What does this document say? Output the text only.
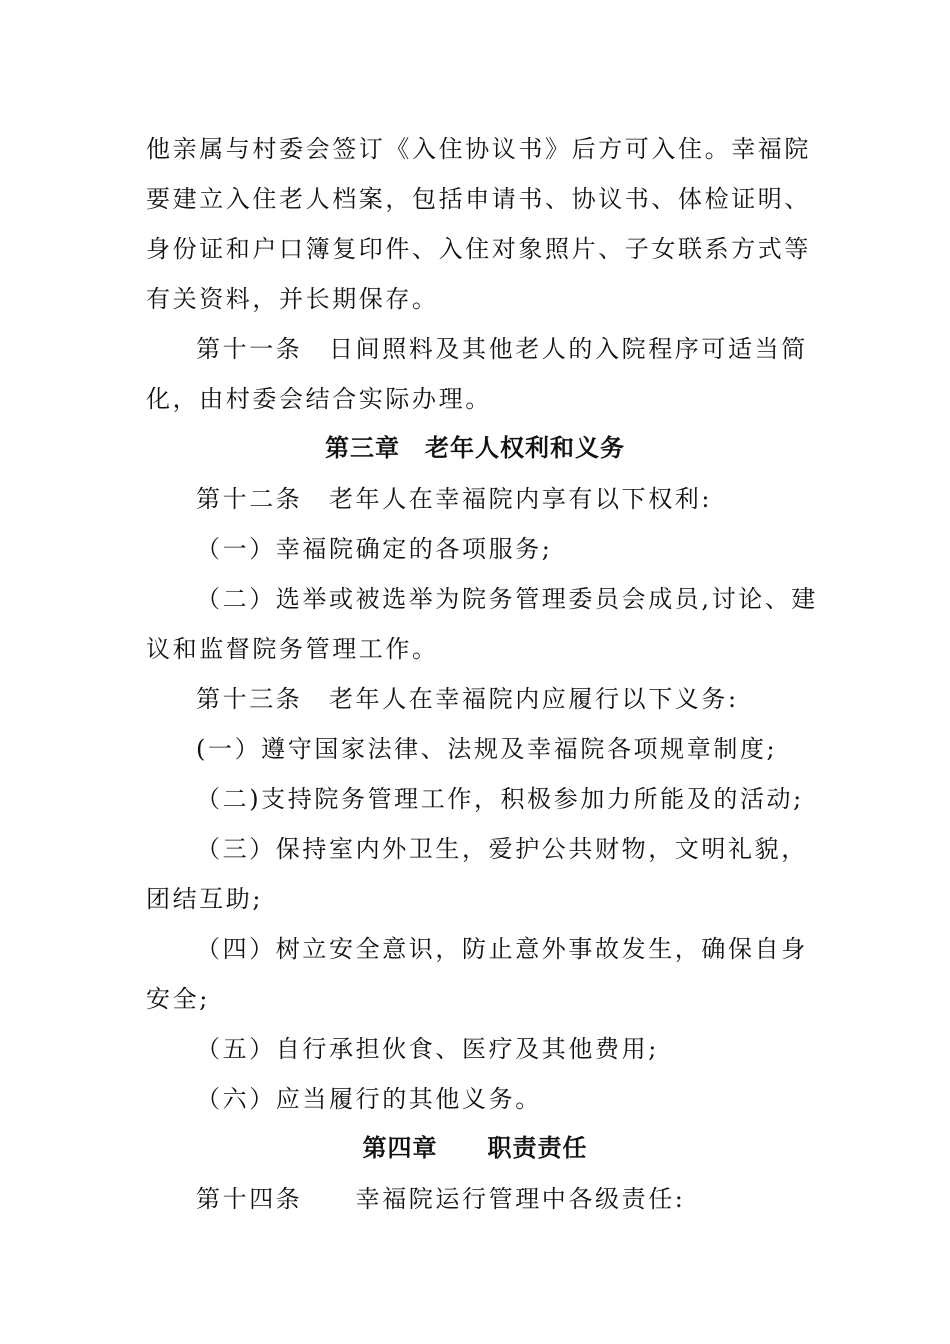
他亲属与村委会签订《入住协议书》后方可入住。幸福院
要建立入住老人档案，包括申请书、协议书、体检证明、
身份证和户口簿复印件、入住对象照片、子女联系方式等
有关资料，并长期保存。
第十一条　日间照料及其他老人的入院程序可适当简
化，由村委会结合实际办理。
第三章　老年人权利和义务
第十二条　老年人在幸福院内享有以下权利:
（一）幸福院确定的各项服务;
（二）选举或被选举为院务管理委员会成员,讨论、建
议和监督院务管理工作。
第十三条　老年人在幸福院内应履行以下义务:
(一）遵守国家法律、法规及幸福院各项规章制度;
（二)支持院务管理工作，积极参加力所能及的活动;
（三）保持室内外卫生，爱护公共财物，文明礼貌，
团结互助;
（四）树立安全意识，防止意外事故发生，确保自身
安全;
（五）自行承担伙食、医疗及其他费用;
（六）应当履行的其他义务。
第四章　　职责责任
第十四条　　幸福院运行管理中各级责任:
